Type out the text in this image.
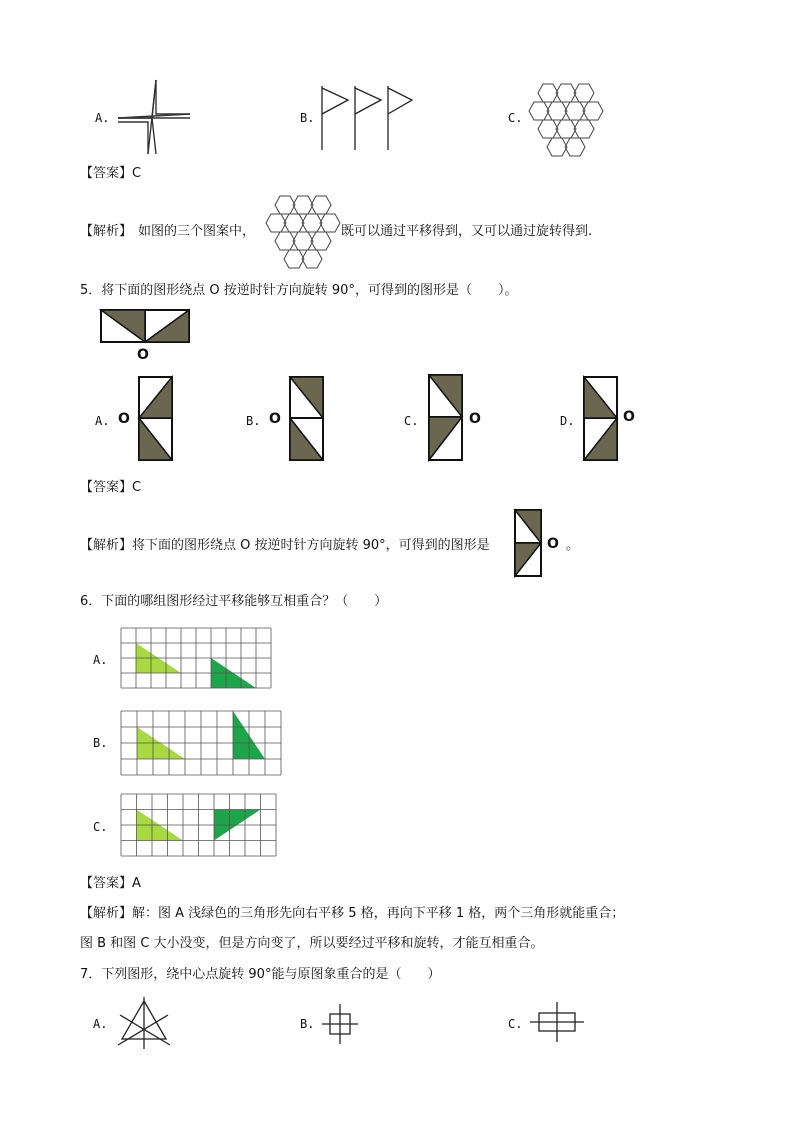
A.	B.	C.
【答案】C
【解析】 如图的三个图案中，	既可以通过平移得到，又可以通过旋转得到.
5．将下面的图形绕点 O 按逆时针方向旋转 90°，可得到的图形是（　　）。
O
A. O	B. O	C.	O	D.	O
【答案】C
【解析】将下面的图形绕点 O 按逆时针方向旋转 90°，可得到的图形是	O 。
6．下面的哪组图形经过平移能够互相重合？（　　）
A.
B.
C.
【答案】A
【解析】解：图 A 浅绿色的三角形先向右平移 5 格，再向下平移 1 格，两个三角形就能重合；
图 B 和图 C 大小没变，但是方向变了，所以要经过平移和旋转，才能互相重合。
7．下列图形，绕中心点旋转 90°能与原图象重合的是（　　）
A.	B.	C.
